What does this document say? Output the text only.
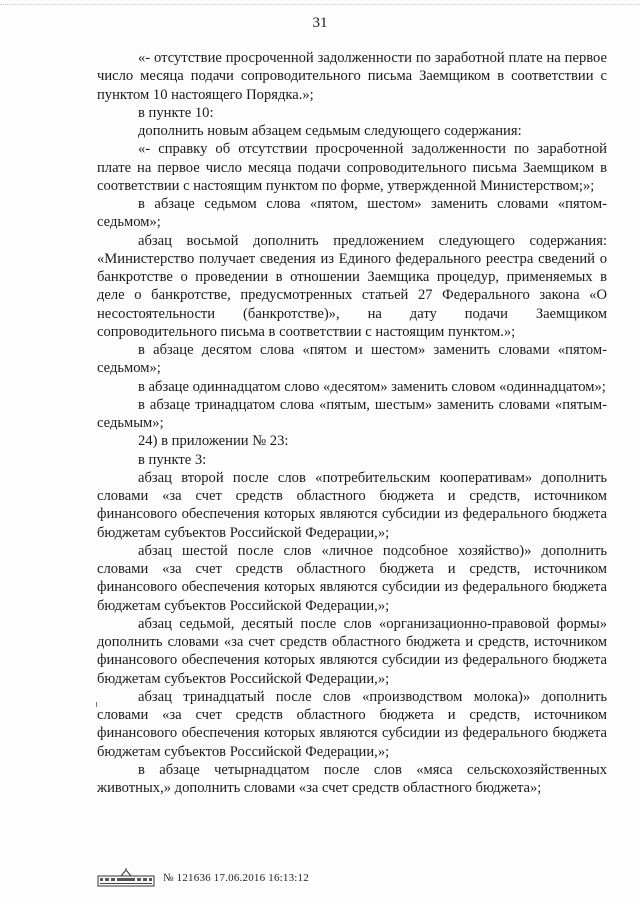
31

«- отсутствие просроченной задолженности по заработной плате на первое число месяца подачи сопроводительного письма Заемщиком в соответствии с пунктом 10 настоящего Порядка.»;

в пункте 10:

дополнить новым абзацем седьмым следующего содержания:

«- справку об отсутствии просроченной задолженности по заработной плате на первое число месяца подачи сопроводительного письма Заемщиком в соответствии с настоящим пунктом по форме, утвержденной Министерством;»;

в абзаце седьмом слова «пятом, шестом» заменить словами «пятом-седьмом»;

абзац восьмой дополнить предложением следующего содержания: «Министерство получает сведения из Единого федерального реестра сведений о банкротстве о проведении в отношении Заемщика процедур, применяемых в деле о банкротстве, предусмотренных статьей 27 Федерального закона «О несостоятельности (банкротстве)», на дату подачи Заемщиком сопроводительного письма в соответствии с настоящим пунктом.»;

в абзаце десятом слова «пятом и шестом» заменить словами «пятом-седьмом»;

в абзаце одиннадцатом слово «десятом» заменить словом «одиннадцатом»;

в абзаце тринадцатом слова «пятым, шестым» заменить словами «пятым-седьмым»;

24) в приложении № 23:

в пункте 3:

абзац второй после слов «потребительским кооперативам» дополнить словами «за счет средств областного бюджета и средств, источником финансового обеспечения которых являются субсидии из федерального бюджета бюджетам субъектов Российской Федерации,»;

абзац шестой после слов «личное подсобное хозяйство)» дополнить словами «за счет средств областного бюджета и средств, источником финансового обеспечения которых являются субсидии из федерального бюджета бюджетам субъектов Российской Федерации,»;

абзац седьмой, десятый после слов «организационно-правовой формы» дополнить словами «за счет средств областного бюджета и средств, источником финансового обеспечения которых являются субсидии из федерального бюджета бюджетам субъектов Российской Федерации,»;

абзац тринадцатый после слов «производством молока)» дополнить словами «за счет средств областного бюджета и средств, источником финансового обеспечения которых являются субсидии из федерального бюджета бюджетам субъектов Российской Федерации,»;

в абзаце четырнадцатом после слов «мяса сельскохозяйственных животных,» дополнить словами «за счет средств областного бюджета»;

№ 121636 17.06.2016 16:13:12
